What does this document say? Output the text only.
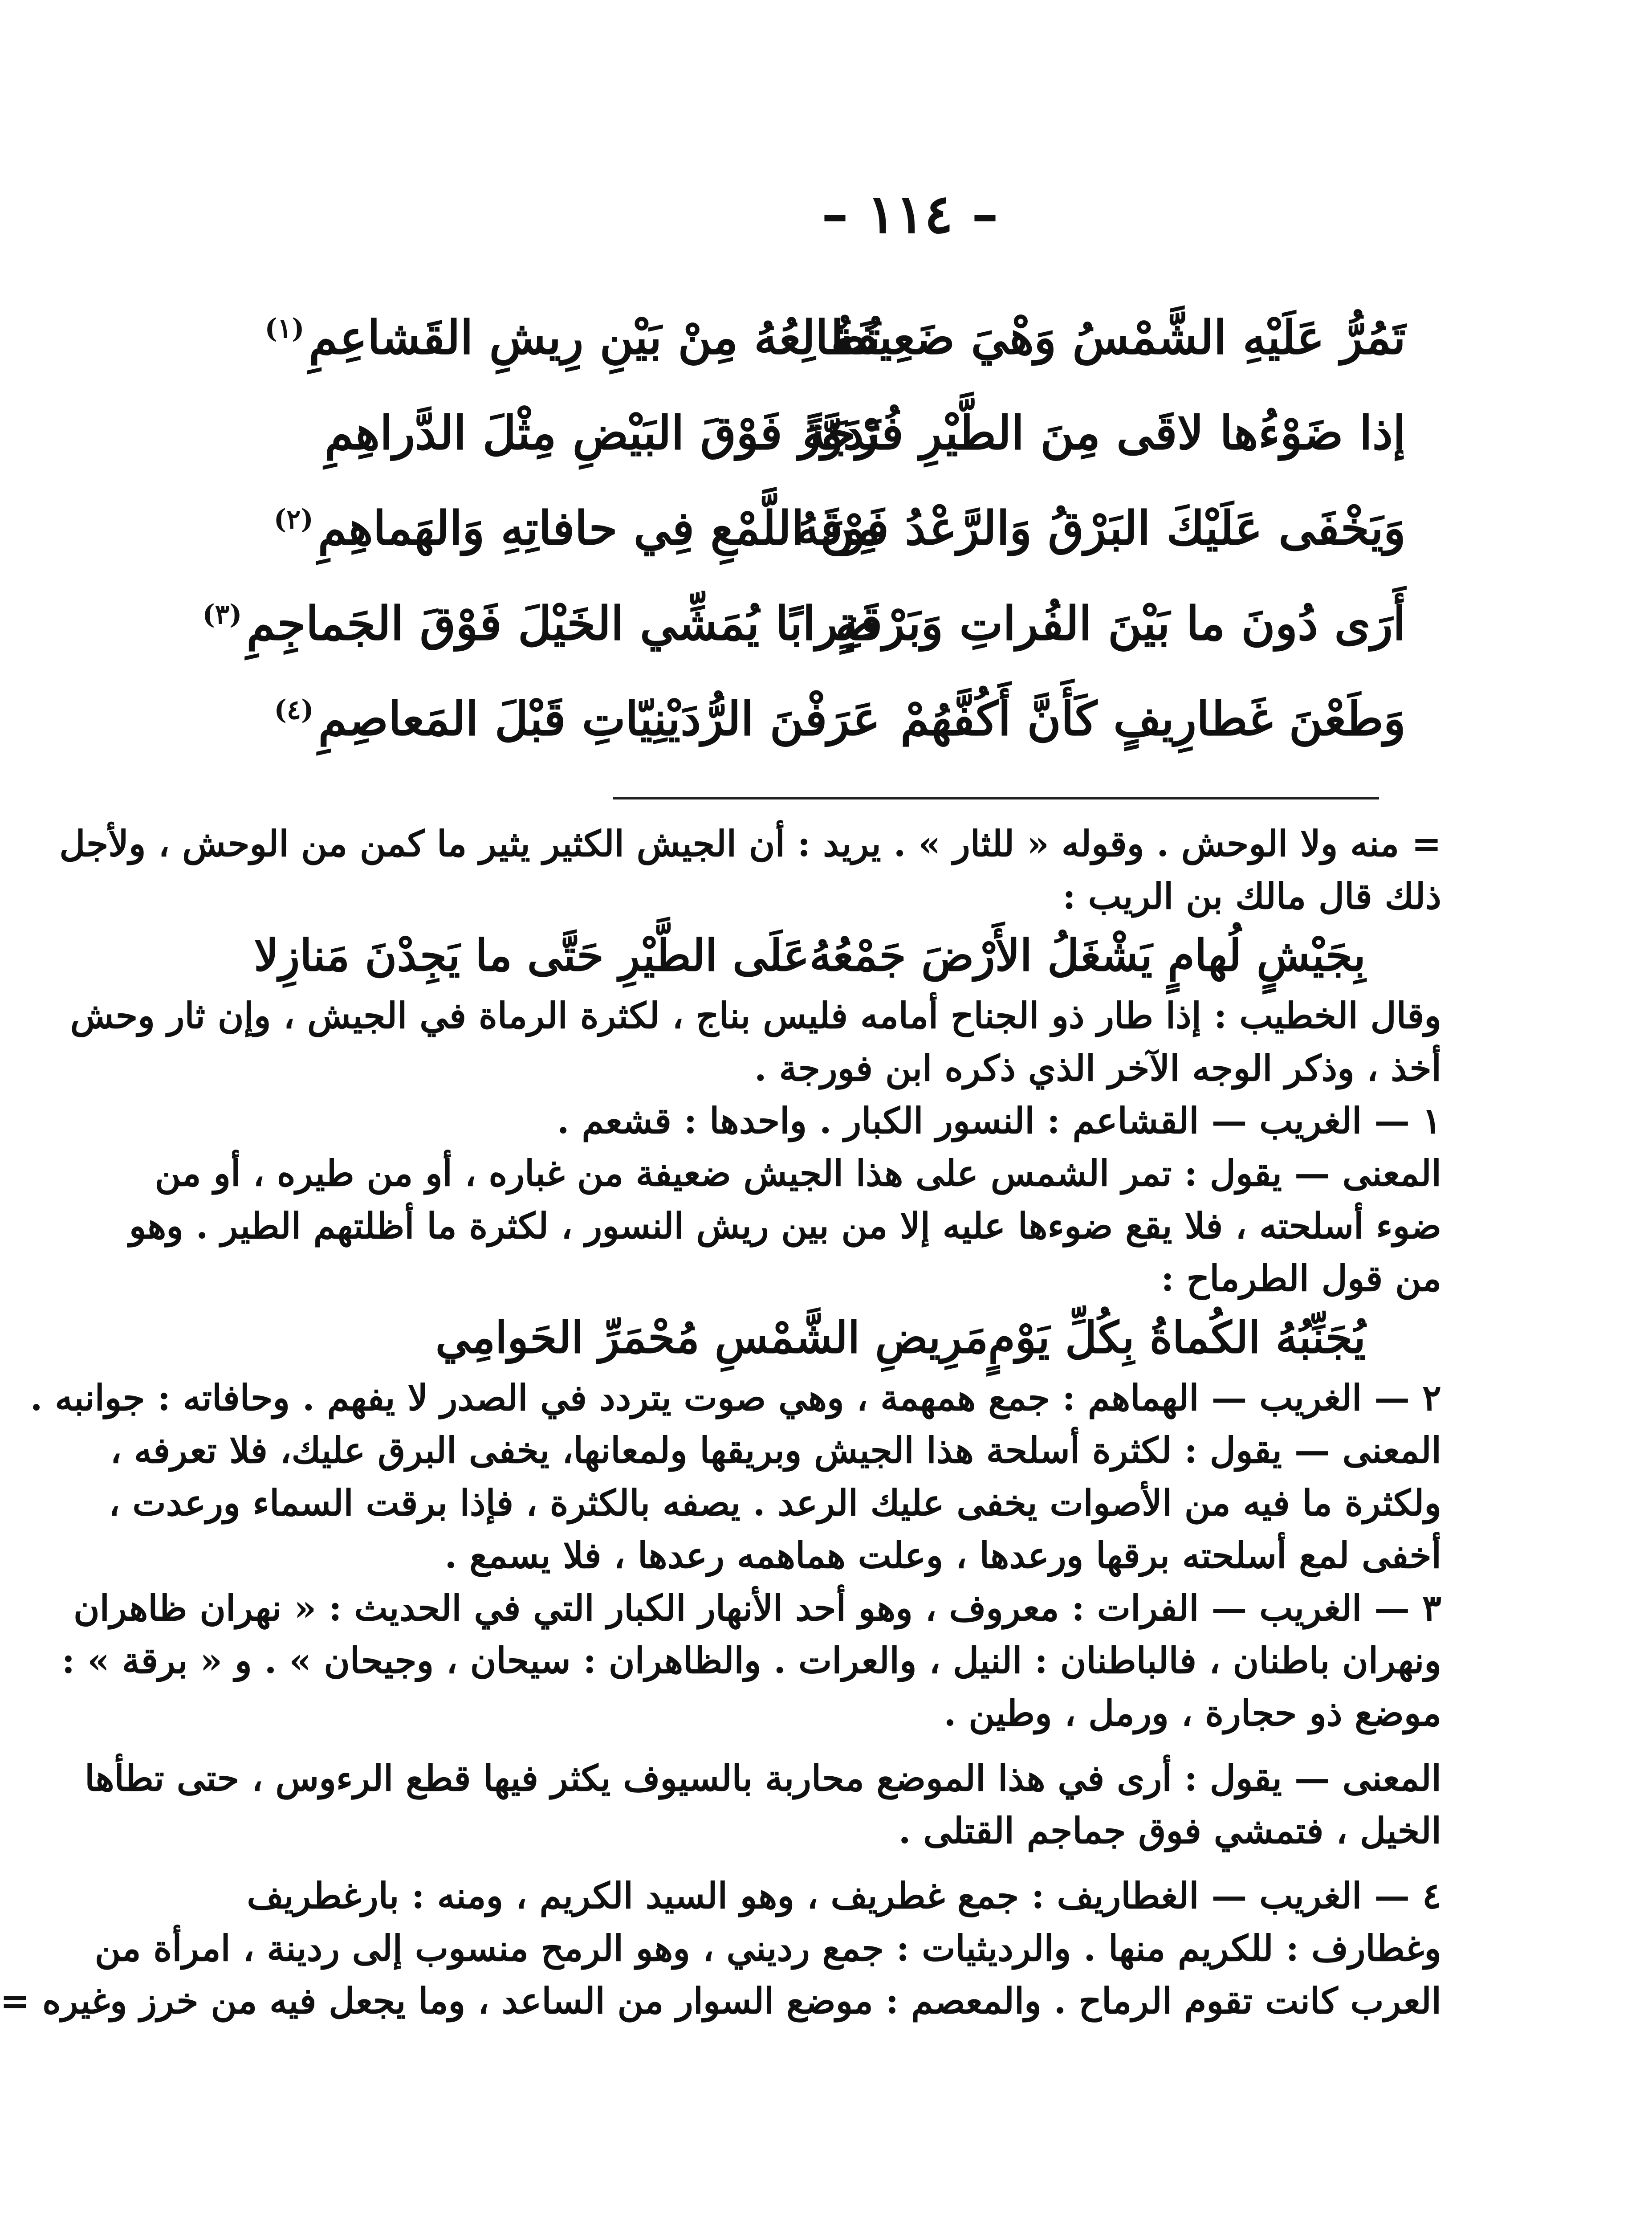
– ١١٤ –
تَمُرُّ عَلَيْهِ الشَّمْسُ وَهْيَ ضَعِيفَةٌ
تُطالِعُهُ مِنْ بَيْنِ رِيشِ القَشاعِمِ$^{(١)}$
إذا ضَوْءُها لاقَى مِنَ الطَّيْرِ فُرْجَةً
تَدَوَّرَ فَوْقَ البَيْضِ مِثْلَ الدَّراهِمِ
وَيَخْفَى عَلَيْكَ البَرْقُ وَالرَّعْدُ فَوْقَهُ
مِنَ اللَّمْعِ فِي حافاتِهِ وَالهَماهِمِ$^{(٢)}$
أَرَى دُونَ ما بَيْنَ الفُراتِ وَبَرْقَةٍ
ضِرابًا يُمَشِّي الخَيْلَ فَوْقَ الجَماجِمِ$^{(٣)}$
وَطَعْنَ غَطارِيفٍ كَأَنَّ أَكُفَّهُمْ
عَرَفْنَ الرُّدَيْنِيّاتِ قَبْلَ المَعاصِمِ$^{(٤)}$

= منه ولا الوحش . وقوله « للثار » . يريد : أن الجيش الكثير يثير ما كمن من الوحش ، ولأجل

ذلك قال مالك بن الريب :

بِجَيْشٍ لُهامٍ يَشْغَلُ الأَرْضَ جَمْعُهُ
عَلَى الطَّيْرِ حَتَّى ما يَجِدْنَ مَنازِلا

وقال الخطيب : إذا طار ذو الجناح أمامه فليس بناج ، لكثرة الرماة في الجيش ، وإن ثار وحش

أخذ ، وذكر الوجه الآخر الذي ذكره ابن فورجة .

١ — الغريب — القشاعم : النسور الكبار . واحدها : قشعم .

المعنى — يقول : تمر الشمس على هذا الجيش ضعيفة من غباره ، أو من طيره ، أو من

ضوء أسلحته ، فلا يقع ضوءها عليه إلا من بين ريش النسور ، لكثرة ما أظلتهم الطير . وهو

من قول الطرماح :

يُجَنِّبُهُ الكُماةُ بِكُلِّ يَوْمٍ
مَرِيضِ الشَّمْسِ مُحْمَرِّ الحَوامِي

٢ — الغريب — الهماهم : جمع همهمة ، وهي صوت يتردد في الصدر لا يفهم . وحافاته : جوانبه .

المعنى — يقول : لكثرة أسلحة هذا الجيش وبريقها ولمعانها، يخفى البرق عليك، فلا تعرفه ،

ولكثرة ما فيه من الأصوات يخفى عليك الرعد . يصفه بالكثرة ، فإذا برقت السماء ورعدت ،

أخفى لمع أسلحته برقها ورعدها ، وعلت هماهمه رعدها ، فلا يسمع .

٣ — الغريب — الفرات : معروف ، وهو أحد الأنهار الكبار التي في الحديث : « نهران ظاهران

ونهران باطنان ، فالباطنان : النيل ، والعرات . والظاهران : سيحان ، وجيحان » . و « برقة » :

موضع ذو حجارة ، ورمل ، وطين .

المعنى — يقول : أرى في هذا الموضع محاربة بالسيوف يكثر فيها قطع الرءوس ، حتى تطأها

الخيل ، فتمشي فوق جماجم القتلى .

٤ — الغريب — الغطاريف : جمع غطريف ، وهو السيد الكريم ، ومنه : بارغطريف

وغطارف : للكريم منها . والرديثيات : جمع رديني ، وهو الرمح منسوب إلى ردينة ، امرأة من

العرب كانت تقوم الرماح . والمعصم : موضع السوار من الساعد ، وما يجعل فيه من خرز وغيره =
